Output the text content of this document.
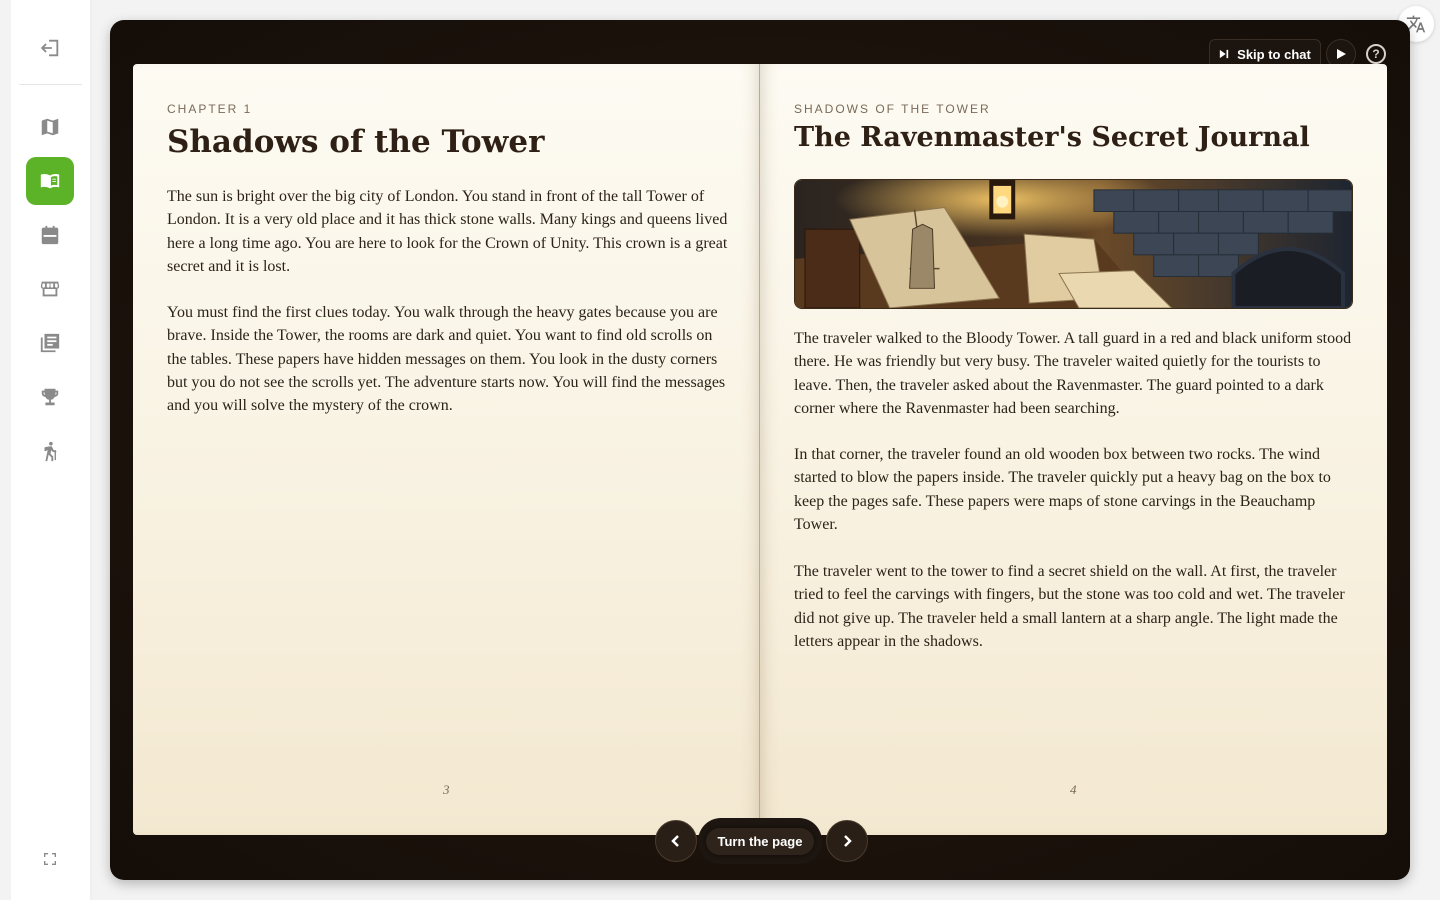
Skip to chat	?
CHAPTER 1
Shadows of the Tower
The sun is bright over the big city of London. You stand in front of the tall Tower of London. It is a very old place and it has thick stone walls. Many kings and queens lived here a long time ago. You are here to look for the Crown of Unity. This crown is a great secret and it is lost.
You must find the first clues today. You walk through the heavy gates because you are brave. Inside the Tower, the rooms are dark and quiet. You want to find old scrolls on the tables. These papers have hidden messages on them. You look in the dusty corners but you do not see the scrolls yet. The adventure starts now. You will find the messages and you will solve the mystery of the crown.
3
SHADOWS OF THE TOWER
The Ravenmaster's Secret Journal
The traveler walked to the Bloody Tower. A tall guard in a red and black uniform stood there. He was friendly but very busy. The traveler waited quietly for the tourists to leave. Then, the traveler asked about the Ravenmaster. The guard pointed to a dark corner where the Ravenmaster had been searching.
In that corner, the traveler found an old wooden box between two rocks. The wind started to blow the papers inside. The traveler quickly put a heavy bag on the box to keep the pages safe. These papers were maps of stone carvings in the Beauchamp Tower.
The traveler went to the tower to find a secret shield on the wall. At first, the traveler tried to feel the carvings with fingers, but the stone was too cold and wet. The traveler did not give up. The traveler held a small lantern at a sharp angle. The light made the letters appear in the shadows.
4
Turn the page
